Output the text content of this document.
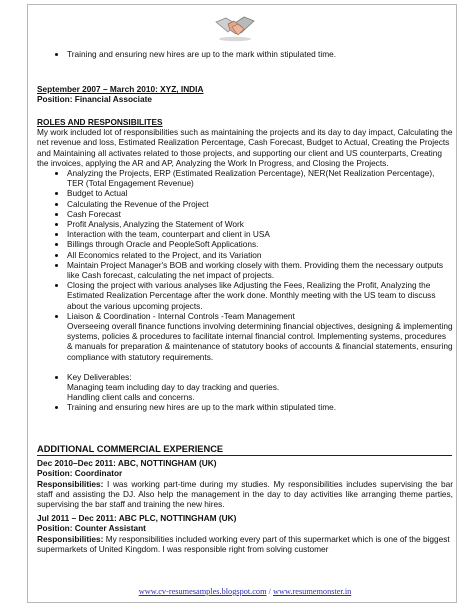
• Training and ensuring new hires are up to the mark within stipulated time.
September 2007 – March 2010: XYZ, INDIA
Position: Financial Associate
ROLES AND RESPONSIBILITES
My work included lot of responsibilities such as maintaining the projects and its day to day impact, Calculating the net revenue and loss, Estimated Realization Percentage, Cash Forecast, Budget to Actual, Creating the Projects and Maintaining all activates related to those projects, and supporting our client and US counterparts, Creating the invoices, applying the AR and AP, Analyzing the Work In Progress, and Closing the Projects.
• Analyzing the Projects, ERP (Estimated Realization Percentage), NER(Net Realization Percentage), TER (Total Engagement Revenue)
• Budget to Actual
• Calculating the Revenue of the Project
• Cash Forecast
• Profit Analysis, Analyzing the Statement of Work
• Interaction with the team, counterpart and client in USA
• Billings through Oracle and PeopleSoft Applications.
• All Economics related to the Project, and its Variation
• Maintain Project Manager's BOB and working closely with them. Providing them the necessary outputs like Cash forecast, calculating the net impact of projects.
• Closing the project with various analyses like Adjusting the Fees, Realizing the Profit, Analyzing the Estimated Realization Percentage after the work done. Monthly meeting with the US team to discuss about the various upcoming projects.
• Liaison & Coordination - Internal Controls -Team Management
Overseeing overall finance functions involving determining financial objectives, designing & implementing systems, policies & procedures to facilitate internal financial control. Implementing systems, procedures & manuals for preparation & maintenance of statutory books of accounts & financial statements, ensuring compliance with statutory requirements.
• Key Deliverables:
Managing team including day to day tracking and queries.
Handling client calls and concerns.
• Training and ensuring new hires are up to the mark within stipulated time.
ADDITIONAL COMMERCIAL EXPERIENCE
Dec 2010–Dec 2011: ABC, NOTTINGHAM (UK)
Position: Coordinator
Responsibilities: I was working part-time during my studies. My responsibilities includes supervising the bar staff and assisting the DJ. Also help the management in the day to day activities like arranging theme parties, supervising the bar staff and training the new hires.
Jul 2011 – Dec 2011: ABC PLC, NOTTINGHAM (UK)
Position: Counter Assistant
Responsibilities: My responsibilities included working every part of this supermarket which is one of the biggest supermarkets of United Kingdom. I was responsible right from solving customer
www.cv-resumesamples.blogspot.com / www.resumemonster.in
